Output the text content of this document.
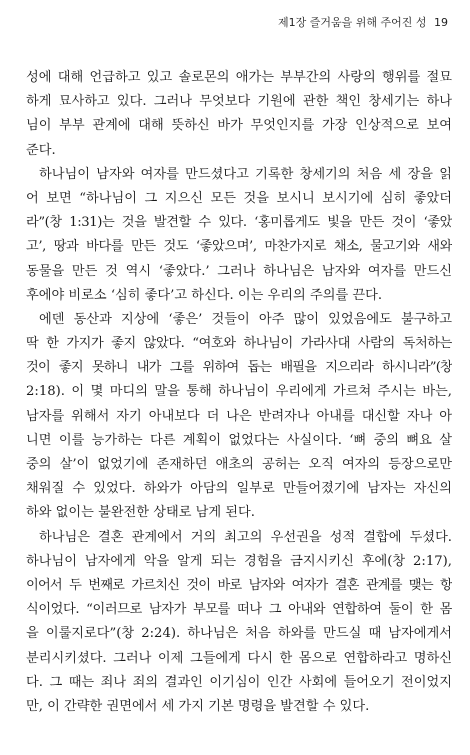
제1장 즐거움을 위해 주어진 성 19
성에 대해 언급하고 있고 솔로몬의 애가는 부부간의 사랑의 행위를 절묘
하게 묘사하고 있다. 그러나 무엇보다 기원에 관한 책인 창세기는 하나
님이 부부 관계에 대해 뜻하신 바가 무엇인지를 가장 인상적으로 보여
준다.
하나님이 남자와 여자를 만드셨다고 기록한 창세기의 처음 세 장을 읽
어 보면 “하나님이 그 지으신 모든 것을 보시니 보시기에 심히 좋았더
라”(창 1:31)는 것을 발견할 수 있다. ‘홍미롭게도 빛을 만든 것이 ‘좋았
고’, 땅과 바다를 만든 것도 ‘좋았으며’, 마찬가지로 채소, 물고기와 새와
동물을 만든 것 역시 ‘좋았다.’ 그러나 하나님은 남자와 여자를 만드신
후에야 비로소 ‘심히 좋다’고 하신다. 이는 우리의 주의를 끈다.
에덴 동산과 지상에 ‘좋은’ 것들이 아주 많이 있었음에도 불구하고
딱 한 가지가 좋지 않았다. “여호와 하나님이 가라사대 사람의 독처하는
것이 좋지 못하니 내가 그를 위하여 돕는 배필을 지으리라 하시니라”(창
2:18). 이 몇 마디의 말을 통해 하나님이 우리에게 가르쳐 주시는 바는,
남자를 위해서 자기 아내보다 더 나은 반려자나 아내를 대신할 자나 아
니면 이를 능가하는 다른 계획이 없었다는 사실이다. ‘뼈 중의 뼈요 살
중의 살’이 없었기에 존재하던 애초의 공허는 오직 여자의 등장으로만
채워질 수 있었다. 하와가 아담의 일부로 만들어졌기에 남자는 자신의
하와 없이는 불완전한 상태로 남게 된다.
하나님은 결혼 관계에서 거의 최고의 우선권을 성적 결합에 두셨다.
하나님이 남자에게 악을 알게 되는 경험을 금지시키신 후에(창 2:17),
이어서 두 번째로 가르치신 것이 바로 남자와 여자가 결혼 관계를 맺는 항
식이었다. “이러므로 남자가 부모를 떠나 그 아내와 연합하여 둘이 한 몸
을 이룰지로다”(창 2:24). 하나님은 처음 하와를 만드실 때 남자에게서
분리시키셨다. 그러나 이제 그들에게 다시 한 몸으로 연합하라고 명하신
다. 그 때는 죄나 죄의 결과인 이기심이 인간 사회에 들어오기 전이었지
만, 이 간략한 권면에서 세 가지 기본 명령을 발견할 수 있다.
